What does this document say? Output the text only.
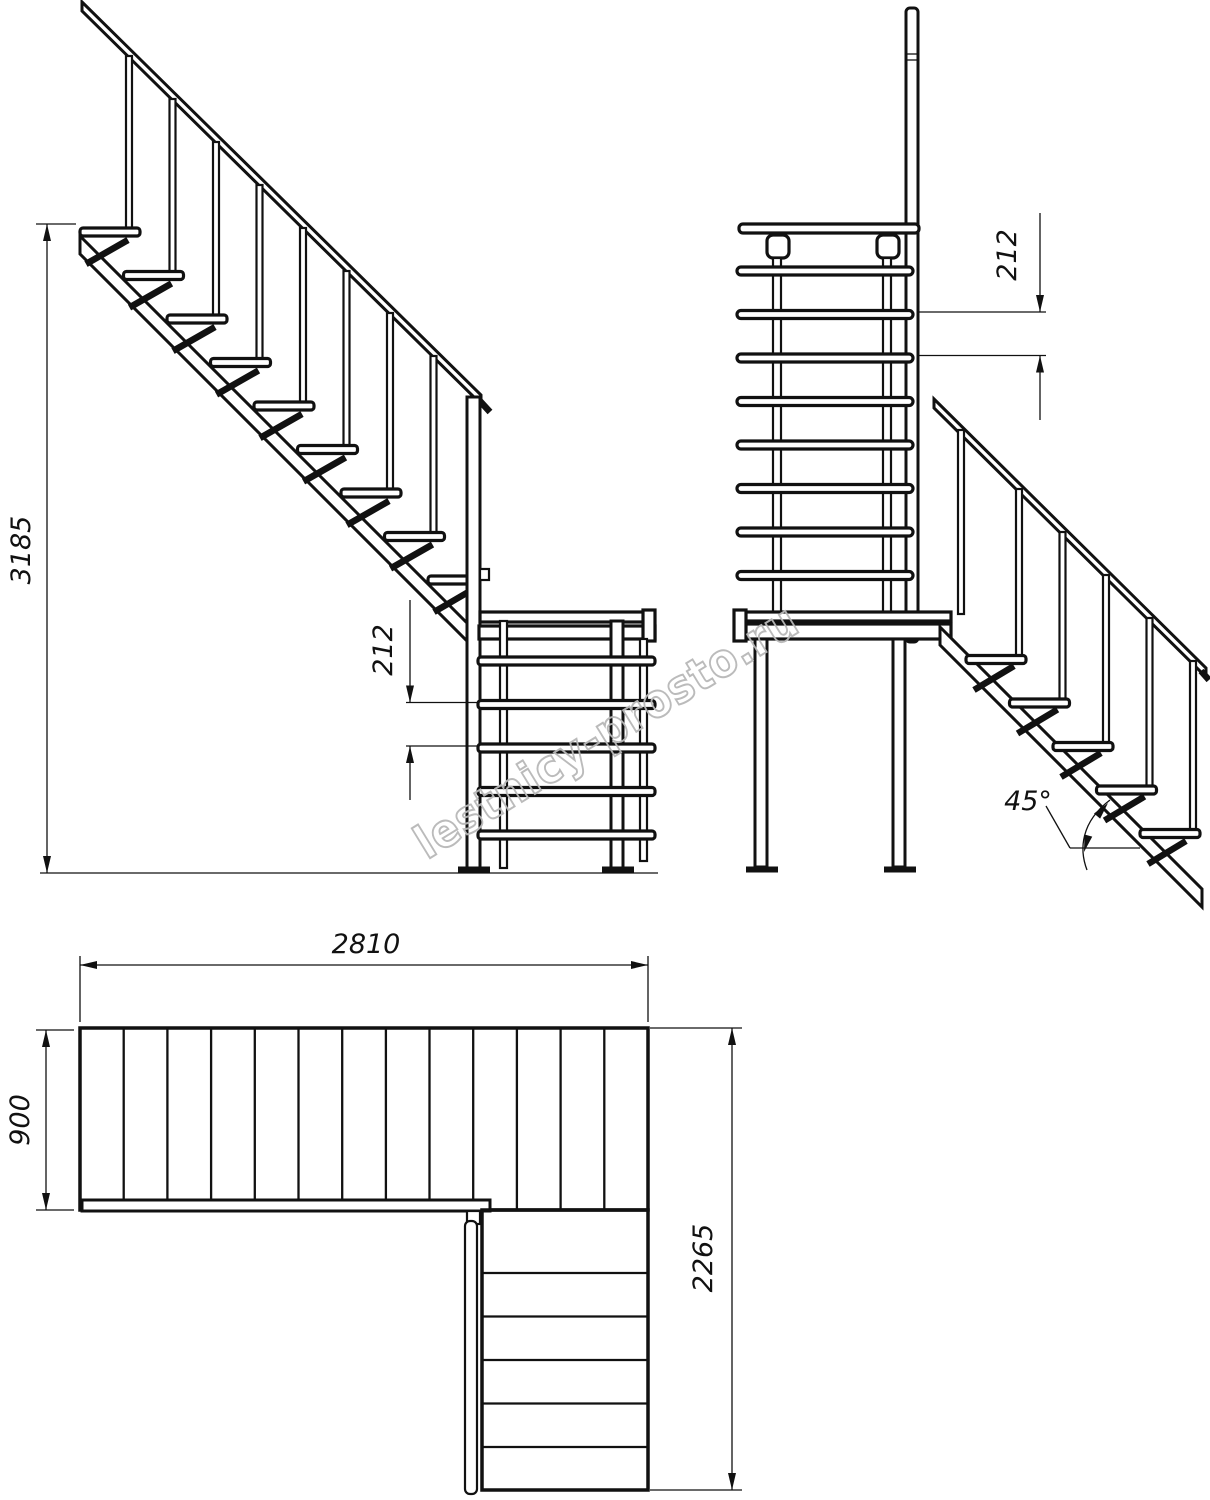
3185
212
212
45°
2810
900
2265
lestnicy-prosto.ru
